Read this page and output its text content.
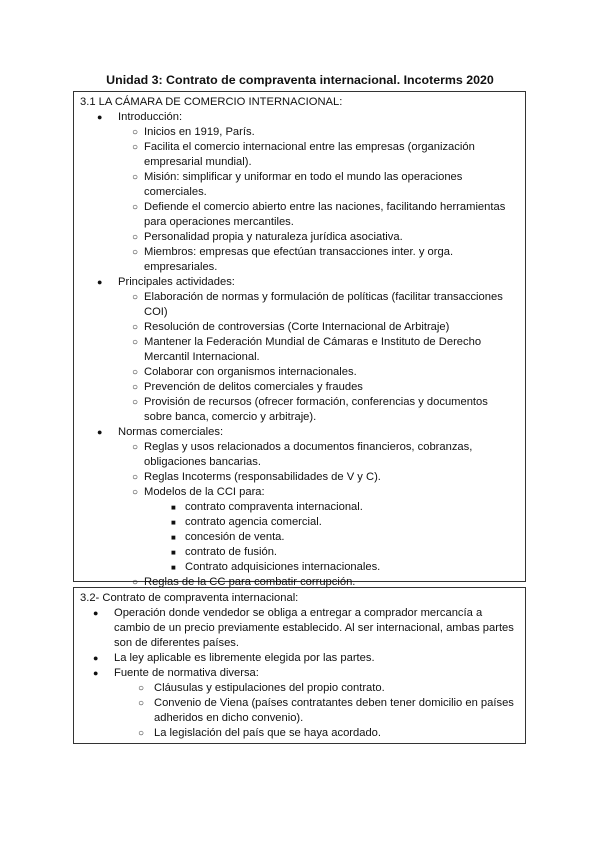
Unidad 3: Contrato de compraventa internacional. Incoterms 2020

3.1 LA CÁMARA DE COMERCIO INTERNACIONAL:

● Introducción:
○ Inicios en 1919, París.
○ Facilita el comercio internacional entre las empresas (organización empresarial mundial).
○ Misión: simplificar y uniformar en todo el mundo las operaciones comerciales.
○ Defiende el comercio abierto entre las naciones, facilitando herramientas para operaciones mercantiles.
○ Personalidad propia y naturaleza jurídica asociativa.
○ Miembros: empresas que efectúan transacciones inter. y orga. empresariales.
● Principales actividades:
○ Elaboración de normas y formulación de políticas (facilitar transacciones COI)
○ Resolución de controversias (Corte Internacional de Arbitraje)
○ Mantener la Federación Mundial de Cámaras e Instituto de Derecho Mercantil Internacional.
○ Colaborar con organismos internacionales.
○ Prevención de delitos comerciales y fraudes
○ Provisión de recursos (ofrecer formación, conferencias y documentos sobre banca, comercio y arbitraje).
● Normas comerciales:
○ Reglas y usos relacionados a documentos financieros, cobranzas, obligaciones bancarias.
○ Reglas Incoterms (responsabilidades de V y C).
○ Modelos de la CCI para:
■ contrato compraventa internacional.
■ contrato agencia comercial.
■ concesión de venta.
■ contrato de fusión.
■ Contrato adquisiciones internacionales.
○ Reglas de la CC para combatir corrupción.

3.2- Contrato de compraventa internacional:

● Operación donde vendedor se obliga a entregar a comprador mercancía a cambio de un precio previamente establecido. Al ser internacional, ambas partes son de diferentes países.
● La ley aplicable es libremente elegida por las partes.
● Fuente de normativa diversa:
○ Cláusulas y estipulaciones del propio contrato.
○ Convenio de Viena (países contratantes deben tener domicilio en países adheridos en dicho convenio).
○ La legislación del país que se haya acordado.
